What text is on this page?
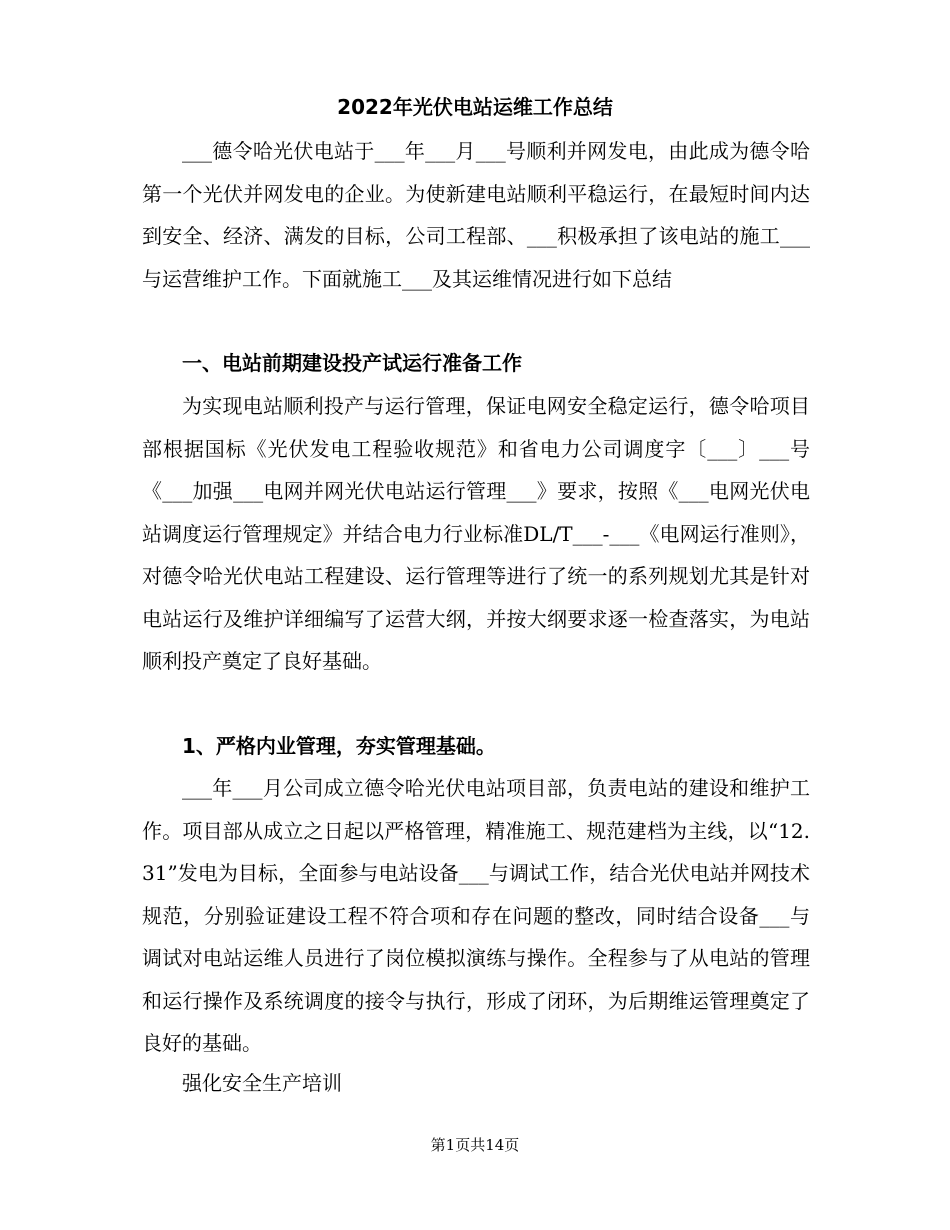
2022年光伏电站运维工作总结

___德令哈光伏电站于___年___月___号顺利并网发电，由此成为德令哈第一个光伏并网发电的企业。为使新建电站顺利平稳运行，在最短时间内达到安全、经济、满发的目标，公司工程部、___积极承担了该电站的施工___与运营维护工作。下面就施工___及其运维情况进行如下总结

一、电站前期建设投产试运行准备工作

为实现电站顺利投产与运行管理，保证电网安全稳定运行，德令哈项目部根据国标《光伏发电工程验收规范》和省电力公司调度字〔___〕___号《___加强___电网并网光伏电站运行管理___》要求，按照《___电网光伏电站调度运行管理规定》并结合电力行业标准DL/T___-___《电网运行准则》，对德令哈光伏电站工程建设、运行管理等进行了统一的系列规划尤其是针对电站运行及维护详细编写了运营大纲，并按大纲要求逐一检查落实，为电站顺利投产奠定了良好基础。

1、严格内业管理，夯实管理基础。

___年___月公司成立德令哈光伏电站项目部，负责电站的建设和维护工作。项目部从成立之日起以严格管理，精准施工、规范建档为主线，以“12.31”发电为目标，全面参与电站设备___与调试工作，结合光伏电站并网技术规范，分别验证建设工程不符合项和存在问题的整改，同时结合设备___与调试对电站运维人员进行了岗位模拟演练与操作。全程参与了从电站的管理和运行操作及系统调度的接令与执行，形成了闭环，为后期维运管理奠定了良好的基础。

强化安全生产培训

第1页共14页
